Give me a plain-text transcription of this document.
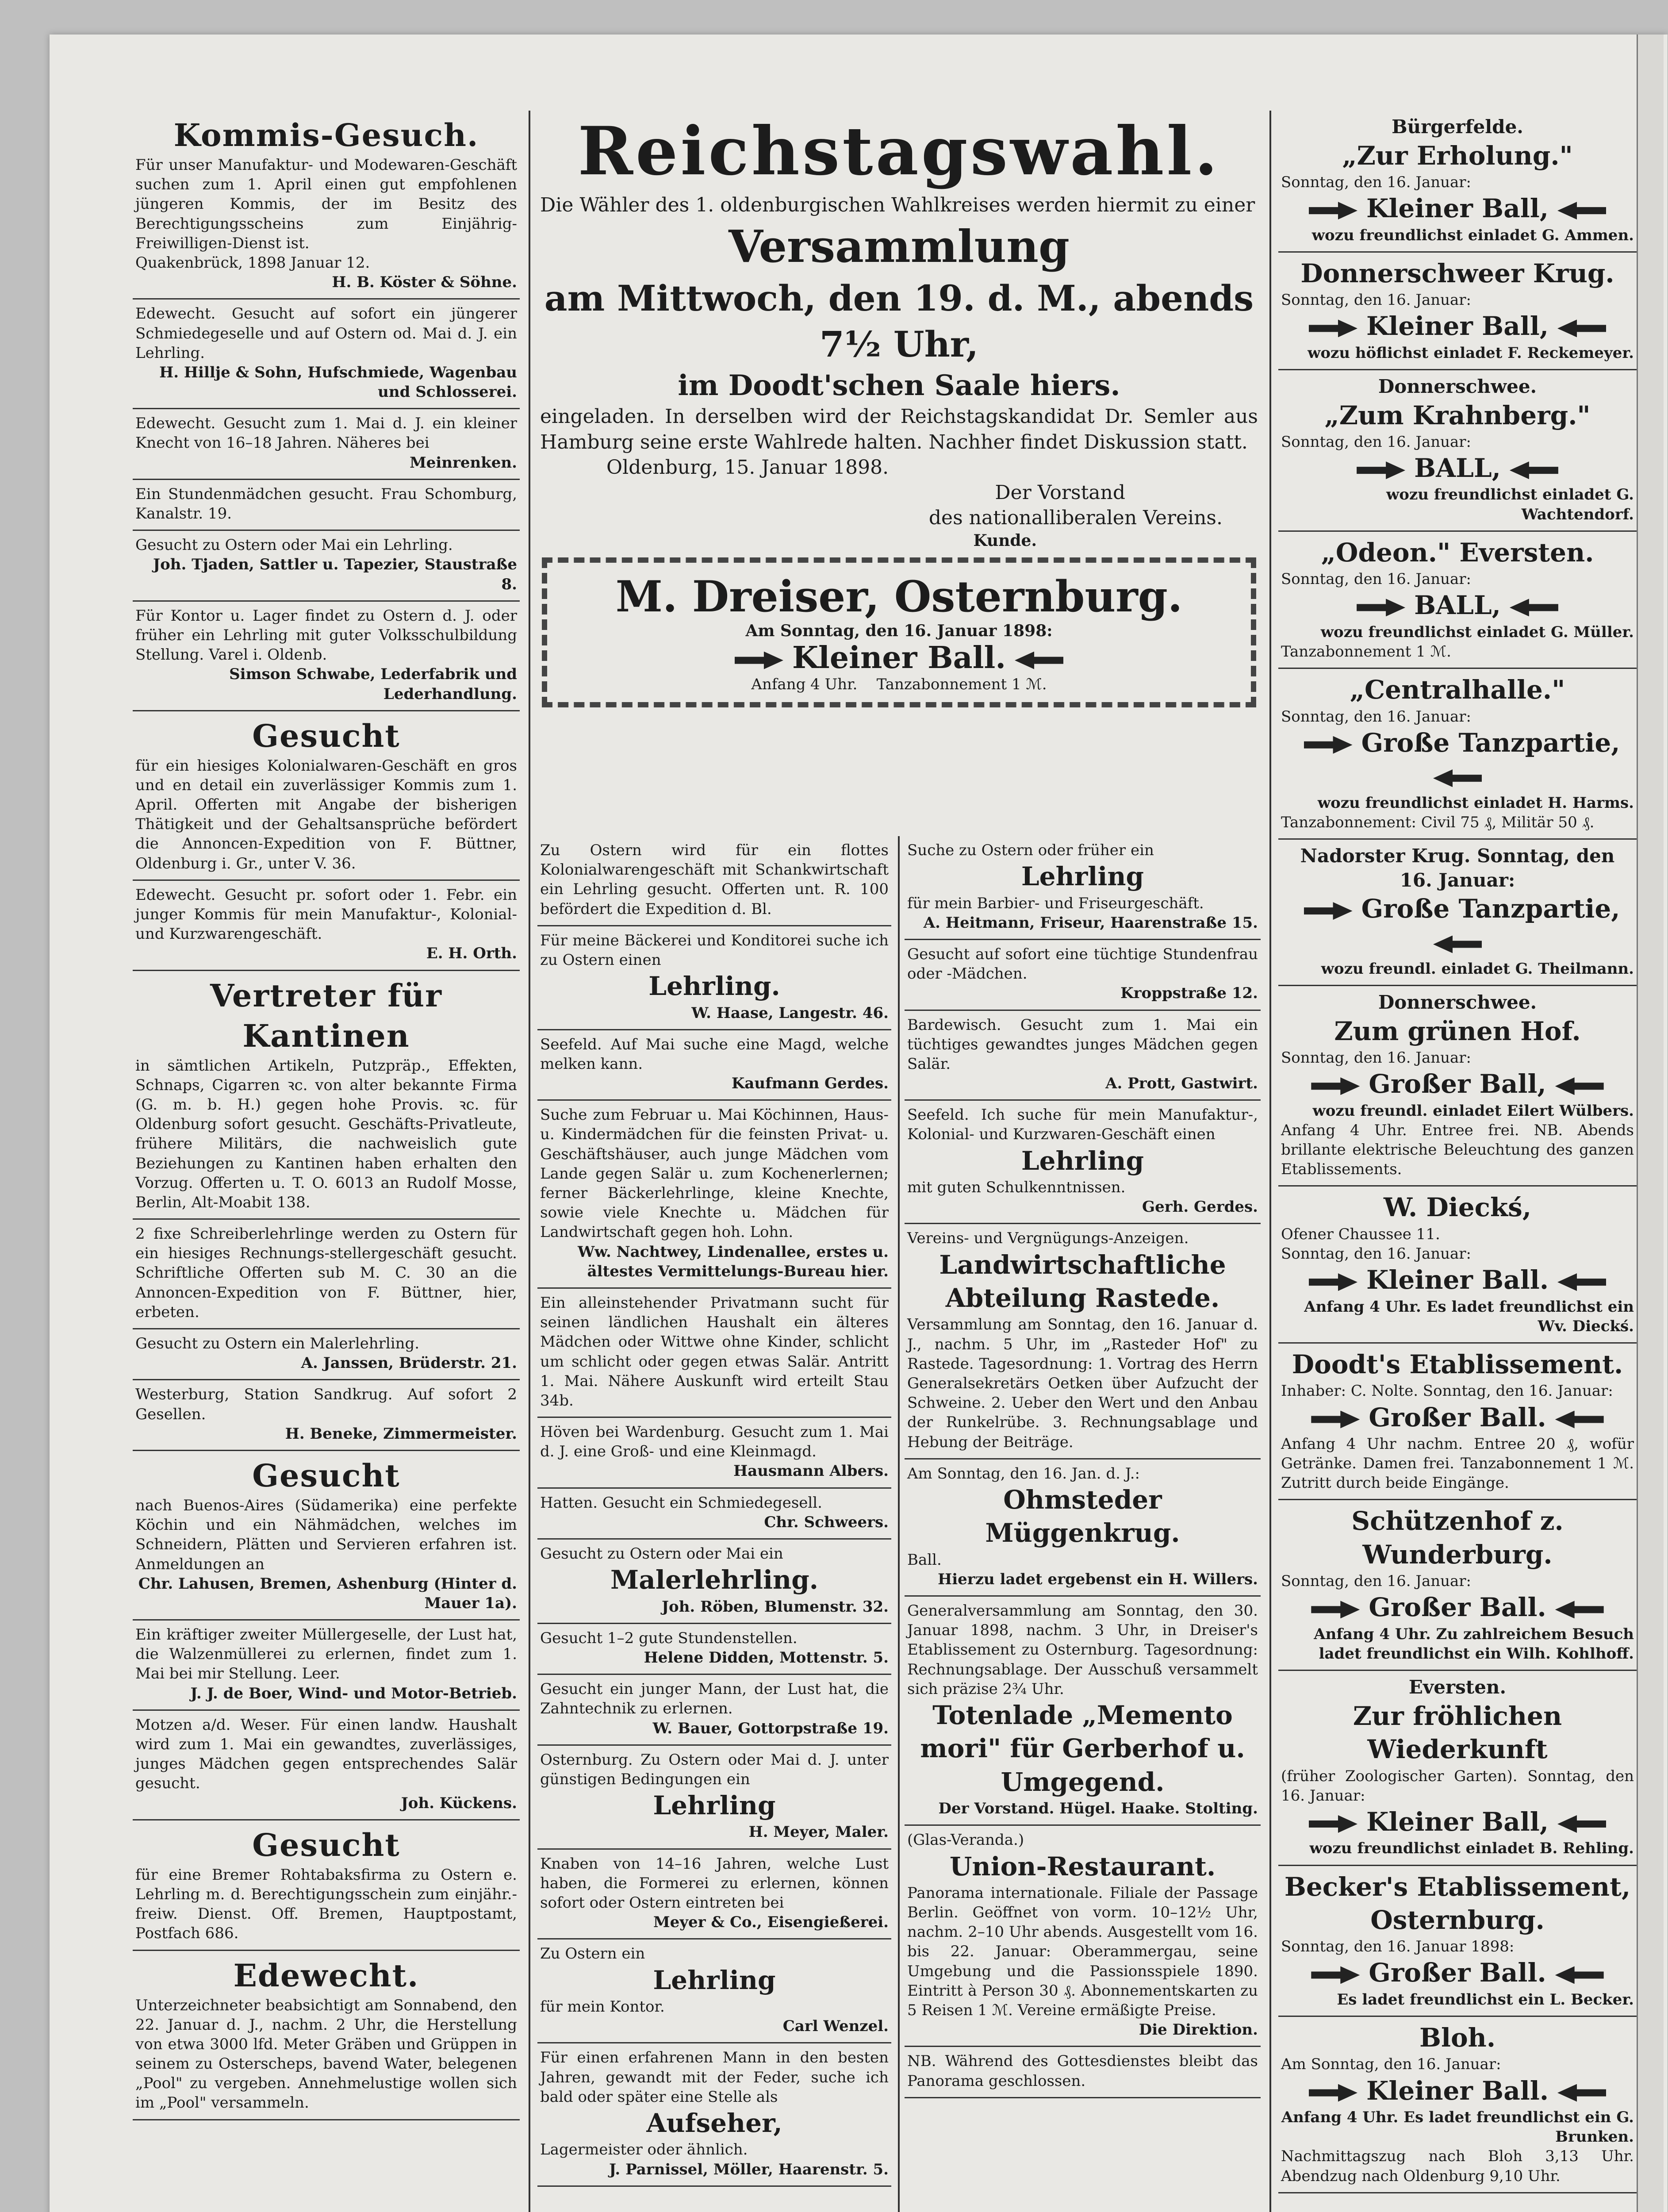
Kommis-Gesuch.

Für unser Manufaktur- und Modewaren-Geschäft suchen zum 1. April einen gut empfohlenen jüngeren Kommis, der im Besitz des Berechtigungsscheins zum Einjährig-Freiwilligen-Dienst ist.

Quakenbrück, 1898 Januar 12.

H. B. Köster & Söhne.

Edewecht. Gesucht auf sofort ein jüngerer Schmiedegeselle und auf Ostern od. Mai d. J. ein Lehrling.

H. Hillje & Sohn, Hufschmiede, Wagenbau und Schlosserei.

Edewecht. Gesucht zum 1. Mai d. J. ein kleiner Knecht von 16–18 Jahren. Näheres bei

Meinrenken.

Ein Stundenmädchen gesucht. Frau Schomburg, Kanalstr. 19.

Gesucht zu Ostern oder Mai ein Lehrling.

Joh. Tjaden, Sattler u. Tapezier, Staustraße 8.

Für Kontor u. Lager findet zu Ostern d. J. oder früher ein Lehrling mit guter Volksschulbildung Stellung. Varel i. Oldenb.

Simson Schwabe, Lederfabrik und Lederhandlung.

Gesucht

für ein hiesiges Kolonialwaren-Geschäft en gros und en detail ein zuverlässiger Kommis zum 1. April. Offerten mit Angabe der bisherigen Thätigkeit und der Gehaltsansprüche befördert die Annoncen-Expedition von F. Büttner, Oldenburg i. Gr., unter V. 36.

Edewecht. Gesucht pr. sofort oder 1. Febr. ein junger Kommis für mein Manufaktur-, Kolonial- und Kurzwarengeschäft.

E. H. Orth.

Vertreter für Kantinen

in sämtlichen Artikeln, Putzpräp., Effekten, Schnaps, Cigarren ꝛc. von alter bekannte Firma (G. m. b. H.) gegen hohe Provis. ꝛc. für Oldenburg sofort gesucht. Geschäfts-Privatleute, frühere Militärs, die nachweislich gute Beziehungen zu Kantinen haben erhalten den Vorzug. Offerten u. T. O. 6013 an Rudolf Mosse, Berlin, Alt-Moabit 138.

2 fixe Schreiberlehrlinge werden zu Ostern für ein hiesiges Rechnungs-stellergeschäft gesucht. Schriftliche Offerten sub M. C. 30 an die Annoncen-Expedition von F. Büttner, hier, erbeten.

Gesucht zu Ostern ein Malerlehrling.

A. Janssen, Brüderstr. 21.

Westerburg, Station Sandkrug. Auf sofort 2 Gesellen.

H. Beneke, Zimmermeister.

Gesucht

nach Buenos-Aires (Südamerika) eine perfekte Köchin und ein Nähmädchen, welches im Schneidern, Plätten und Servieren erfahren ist. Anmeldungen an

Chr. Lahusen, Bremen, Ashenburg (Hinter d. Mauer 1a).

Ein kräftiger zweiter Müllergeselle, der Lust hat, die Walzenmüllerei zu erlernen, findet zum 1. Mai bei mir Stellung. Leer.

J. J. de Boer, Wind- und Motor-Betrieb.

Motzen a/d. Weser. Für einen landw. Haushalt wird zum 1. Mai ein gewandtes, zuverlässiges, junges Mädchen gegen entsprechendes Salär gesucht.

Joh. Kückens.

Gesucht

für eine Bremer Rohtabaksfirma zu Ostern e. Lehrling m. d. Berechtigungsschein zum einjähr.-freiw. Dienst. Off. Bremen, Hauptpostamt, Postfach 686.

Edewecht.

Unterzeichneter beabsichtigt am Sonnabend, den 22. Januar d. J., nachm. 2 Uhr, die Herstellung von etwa 3000 lfd. Meter Gräben und Grüppen in seinem zu Osterscheps, bavend Water, belegenen „Pool" zu vergeben. Annehmelustige wollen sich im „Pool" versammeln.

Reichstagswahl.

Die Wähler des 1. oldenburgischen Wahlkreises werden hiermit zu einer

Versammlung
am Mittwoch, den 19. d. M., abends 7½ Uhr,
im Doodt'schen Saale hiers.

eingeladen. In derselben wird der Reichstagskandidat Dr. Semler aus Hamburg seine erste Wahlrede halten. Nachher findet Diskussion statt.

Oldenburg, 15. Januar 1898.

Der Vorstand

des nationalliberalen Vereins.

Kunde.

M. Dreiser, Osternburg.
Am Sonntag, den 16. Januar 1898:
Kleiner Ball.
Anfang 4 Uhr. Tanzabonnement 1 ℳ.

Zu Ostern wird für ein flottes Kolonialwarengeschäft mit Schankwirtschaft ein Lehrling gesucht. Offerten unt. R. 100 befördert die Expedition d. Bl.

Für meine Bäckerei und Konditorei suche ich zu Ostern einen

Lehrling.

W. Haase, Langestr. 46.

Seefeld. Auf Mai suche eine Magd, welche melken kann.

Kaufmann Gerdes.

Suche zum Februar u. Mai Köchinnen, Haus- u. Kindermädchen für die feinsten Privat- u. Geschäftshäuser, auch junge Mädchen vom Lande gegen Salär u. zum Kochenerlernen; ferner Bäckerlehrlinge, kleine Knechte, sowie viele Knechte u. Mädchen für Landwirtschaft gegen hoh. Lohn.

Ww. Nachtwey, Lindenallee, erstes u. ältestes Vermittelungs-Bureau hier.

Ein alleinstehender Privatmann sucht für seinen ländlichen Haushalt ein älteres Mädchen oder Wittwe ohne Kinder, schlicht um schlicht oder gegen etwas Salär. Antritt 1. Mai. Nähere Auskunft wird erteilt Stau 34b.

Höven bei Wardenburg. Gesucht zum 1. Mai d. J. eine Groß- und eine Kleinmagd.

Hausmann Albers.

Hatten. Gesucht ein Schmiedegesell.

Chr. Schweers.

Gesucht zu Ostern oder Mai ein

Malerlehrling.

Joh. Röben, Blumenstr. 32.

Gesucht 1–2 gute Stundenstellen.

Helene Didden, Mottenstr. 5.

Gesucht ein junger Mann, der Lust hat, die Zahntechnik zu erlernen.

W. Bauer, Gottorpstraße 19.

Osternburg. Zu Ostern oder Mai d. J. unter günstigen Bedingungen ein

Lehrling

H. Meyer, Maler.

Knaben von 14–16 Jahren, welche Lust haben, die Formerei zu erlernen, können sofort oder Ostern eintreten bei

Meyer & Co., Eisengießerei.

Zu Ostern ein

Lehrling

für mein Kontor.

Carl Wenzel.

Für einen erfahrenen Mann in den besten Jahren, gewandt mit der Feder, suche ich bald oder später eine Stelle als

Aufseher,

Lagermeister oder ähnlich.

J. Parnissel, Möller, Haarenstr. 5.

Suche zu Ostern oder früher ein

Lehrling

für mein Barbier- und Friseurgeschäft.

A. Heitmann, Friseur, Haarenstraße 15.

Gesucht auf sofort eine tüchtige Stundenfrau oder -Mädchen.

Kroppstraße 12.

Bardewisch. Gesucht zum 1. Mai ein tüchtiges gewandtes junges Mädchen gegen Salär.

A. Prott, Gastwirt.

Seefeld. Ich suche für mein Manufaktur-, Kolonial- und Kurzwaren-Geschäft einen

Lehrling

mit guten Schulkenntnissen.

Gerh. Gerdes.

Vereins- und Vergnügungs-Anzeigen.

Landwirtschaftliche Abteilung Rastede.

Versammlung am Sonntag, den 16. Januar d. J., nachm. 5 Uhr, im „Rasteder Hof" zu Rastede. Tagesordnung: 1. Vortrag des Herrn Generalsekretärs Oetken über Aufzucht der Schweine. 2. Ueber den Wert und den Anbau der Runkelrübe. 3. Rechnungsablage und Hebung der Beiträge.

Am Sonntag, den 16. Jan. d. J.:

Ohmsteder Müggenkrug.

Ball.

Hierzu ladet ergebenst ein H. Willers.

Generalversammlung am Sonntag, den 30. Januar 1898, nachm. 3 Uhr, in Dreiser's Etablissement zu Osternburg. Tagesordnung: Rechnungsablage. Der Ausschuß versammelt sich präzise 2¾ Uhr.

Totenlade „Memento mori" für Gerberhof u. Umgegend.

Der Vorstand. Hügel. Haake. Stolting.

(Glas-Veranda.)

Union-Restaurant.

Panorama internationale. Filiale der Passage Berlin. Geöffnet von vorm. 10–12½ Uhr, nachm. 2–10 Uhr abends. Ausgestellt vom 16. bis 22. Januar: Oberammergau, seine Umgebung und die Passionsspiele 1890. Eintritt à Person 30 ₰. Abonnementskarten zu 5 Reisen 1 ℳ. Vereine ermäßigte Preise.

Die Direktion.

NB. Während des Gottesdienstes bleibt das Panorama geschlossen.

Bürgerfelde.
„Zur Erholung."

Sonntag, den 16. Januar:

Kleiner Ball,

wozu freundlichst einladet G. Ammen.

Donnerschweer Krug.

Sonntag, den 16. Januar:

Kleiner Ball,

wozu höflichst einladet F. Reckemeyer.

Donnerschwee.
„Zum Krahnberg."

Sonntag, den 16. Januar:

BALL,

wozu freundlichst einladet G. Wachtendorf.

„Odeon." Eversten.

Sonntag, den 16. Januar:

BALL,

wozu freundlichst einladet G. Müller.

Tanzabonnement 1 ℳ.

„Centralhalle."

Sonntag, den 16. Januar:

Große Tanzpartie,

wozu freundlichst einladet H. Harms.

Tanzabonnement: Civil 75 ₰, Militär 50 ₰.

Nadorster Krug. Sonntag, den 16. Januar:
Große Tanzpartie,

wozu freundl. einladet G. Theilmann.

Donnerschwee.
Zum grünen Hof.

Sonntag, den 16. Januar:

Großer Ball,

wozu freundl. einladet Eilert Wülbers.

Anfang 4 Uhr. Entree frei. NB. Abends brillante elektrische Beleuchtung des ganzen Etablissements.

W. Dieckś,

Ofener Chaussee 11.

Sonntag, den 16. Januar:

Kleiner Ball.

Anfang 4 Uhr. Es ladet freundlichst ein Wv. Dieckś.

Doodt's Etablissement.

Inhaber: C. Nolte. Sonntag, den 16. Januar:

Großer Ball.

Anfang 4 Uhr nachm. Entree 20 ₰, wofür Getränke. Damen frei. Tanzabonnement 1 ℳ. Zutritt durch beide Eingänge.

Schützenhof z. Wunderburg.

Sonntag, den 16. Januar:

Großer Ball.

Anfang 4 Uhr. Zu zahlreichem Besuch ladet freundlichst ein Wilh. Kohlhoff.

Eversten.
Zur fröhlichen Wiederkunft

(früher Zoologischer Garten). Sonntag, den 16. Januar:

Kleiner Ball,

wozu freundlichst einladet B. Rehling.

Becker's Etablissement, Osternburg.

Sonntag, den 16. Januar 1898:

Großer Ball.

Es ladet freundlichst ein L. Becker.

Bloh.

Am Sonntag, den 16. Januar:

Kleiner Ball.

Anfang 4 Uhr. Es ladet freundlichst ein G. Brunken.

Nachmittagszug nach Bloh 3,13 Uhr. Abendzug nach Oldenburg 9,10 Uhr.
